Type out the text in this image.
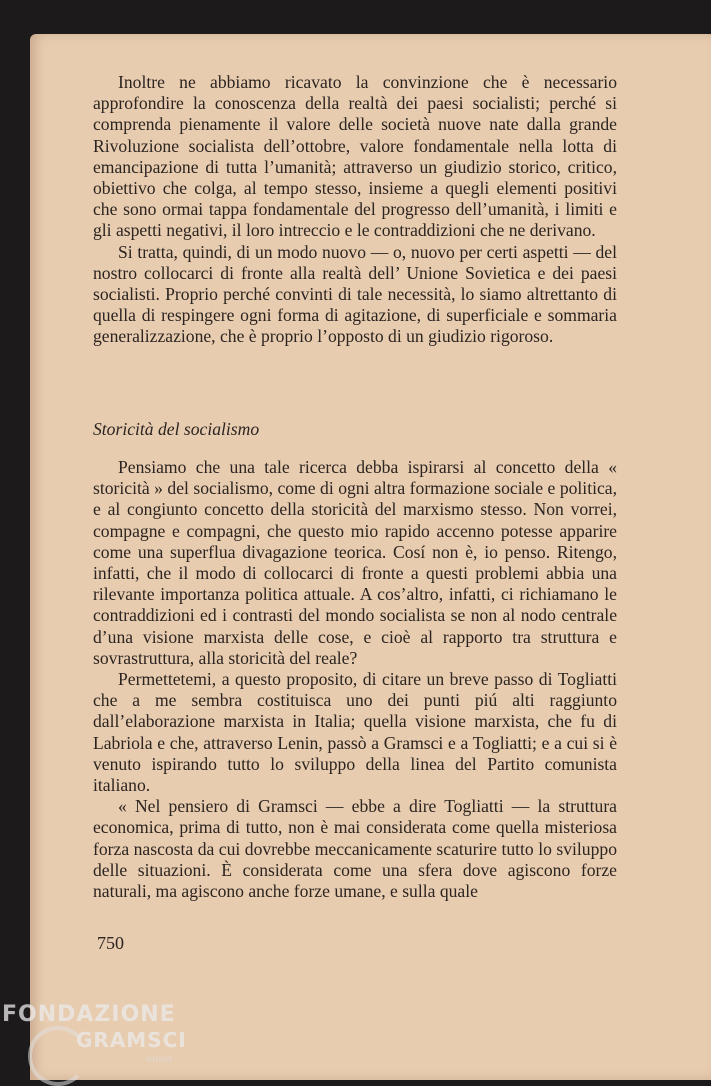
Inoltre ne abbiamo ricavato la convinzione che è necessario approfondire la conoscenza della realtà dei paesi socialisti; perché si comprenda pienamente il valore delle società nuove nate dalla grande Rivoluzione socialista dell’ottobre, valore fondamentale nella lotta di emancipazione di tutta l’umanità; attraverso un giudizio storico, critico, obiettivo che colga, al tempo stesso, insieme a quegli elementi positivi che sono ormai tappa fondamentale del progresso dell’umanità, i limiti e gli aspetti negativi, il loro intreccio e le contraddizioni che ne derivano.

Si tratta, quindi, di un modo nuovo — o, nuovo per certi aspetti — del nostro collocarci di fronte alla realtà dell’ Unione Sovietica e dei paesi socialisti. Proprio perché convinti di tale necessità, lo siamo altrettanto di quella di respingere ogni forma di agitazione, di superficiale e sommaria generalizzazione, che è proprio l’opposto di un giudizio rigoroso.

Storicità del socialismo

Pensiamo che una tale ricerca debba ispirarsi al concetto della « storicità » del socialismo, come di ogni altra formazione sociale e politica, e al congiunto concetto della storicità del marxismo stesso. Non vorrei, compagne e compagni, che questo mio rapido accenno potesse apparire come una superflua divagazione teorica. Cosí non è, io penso. Ritengo, infatti, che il modo di collocarci di fronte a questi problemi abbia una rilevante importanza politica attuale. A cos’altro, infatti, ci richiamano le contraddizioni ed i contrasti del mondo socialista se non al nodo centrale d’una visione marxista delle cose, e cioè al rapporto tra struttura e sovrastruttura, alla storicità del reale?

Permettetemi, a questo proposito, di citare un breve passo di Togliatti che a me sembra costituisca uno dei punti piú alti raggiunto dall’elaborazione marxista in Italia; quella visione marxista, che fu di Labriola e che, attraverso Lenin, passò a Gramsci e a Togliatti; e a cui si è venuto ispirando tutto lo sviluppo della linea del Partito comunista italiano.

« Nel pensiero di Gramsci — ebbe a dire Togliatti — la struttura economica, prima di tutto, non è mai considerata come quella misteriosa forza nascosta da cui dovrebbe meccanicamente scaturire tutto lo sviluppo delle situazioni. È considerata come una sfera dove agiscono forze naturali, ma agiscono anche forze umane, e sulla quale

750
FONDAZIONE
GRAMSCI
onlus
